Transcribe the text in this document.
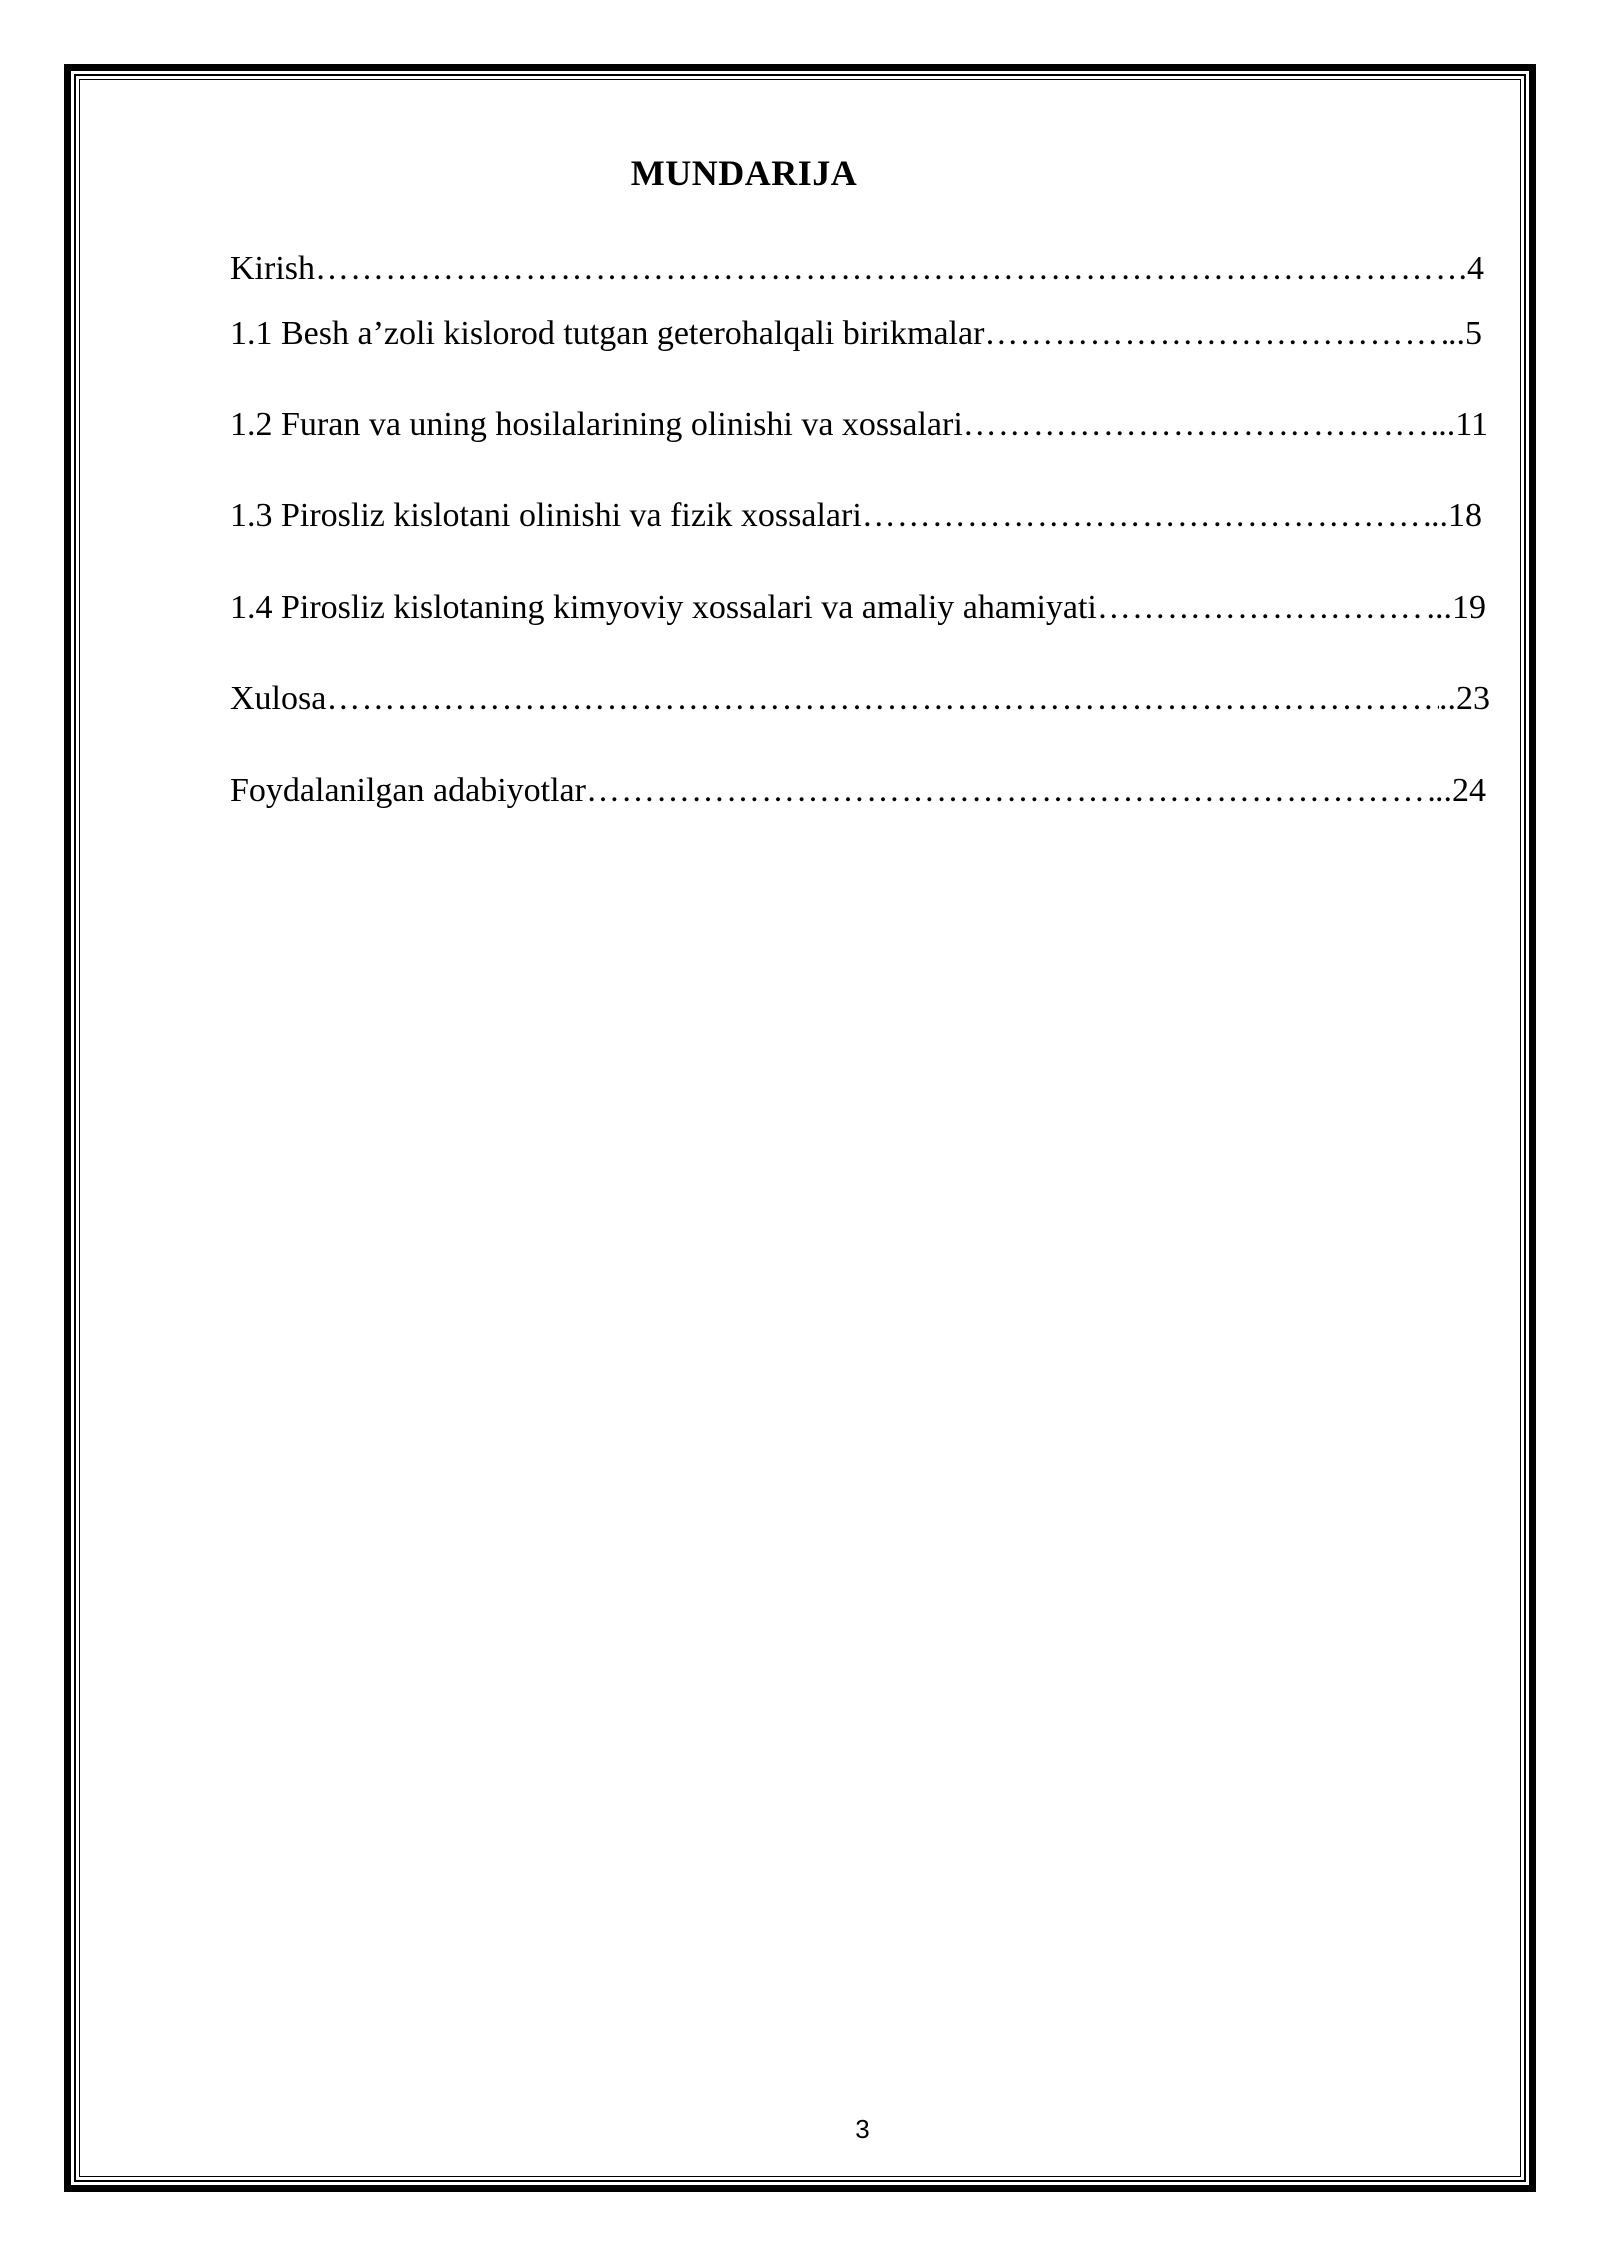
MUNDARIJA
Kirish ……………………………………………………………………………………………………………………………………………………	.4
1.1 Besh a’zoli kislorod tutgan geterohalqali birikmalar ……………………………………………………………………………………………………………………………………………………	..5
1.2 Furan va uning hosilalarining olinishi va xossalari ……………………………………………………………………………………………………………………………………………………	..11
1.3 Pirosliz kislotani olinishi va fizik xossalari ……………………………………………………………………………………………………………………………………………………	..18
1.4 Pirosliz kislotaning kimyoviy xossalari va amaliy ahamiyati ……………………………………………………………………………………………………………………………………………………	...19
Xulosa ……………………………………………………………………………………………………………………………………………………	..23
Foydalanilgan adabiyotlar ……………………………………………………………………………………………………………………………………………………	..24
3
